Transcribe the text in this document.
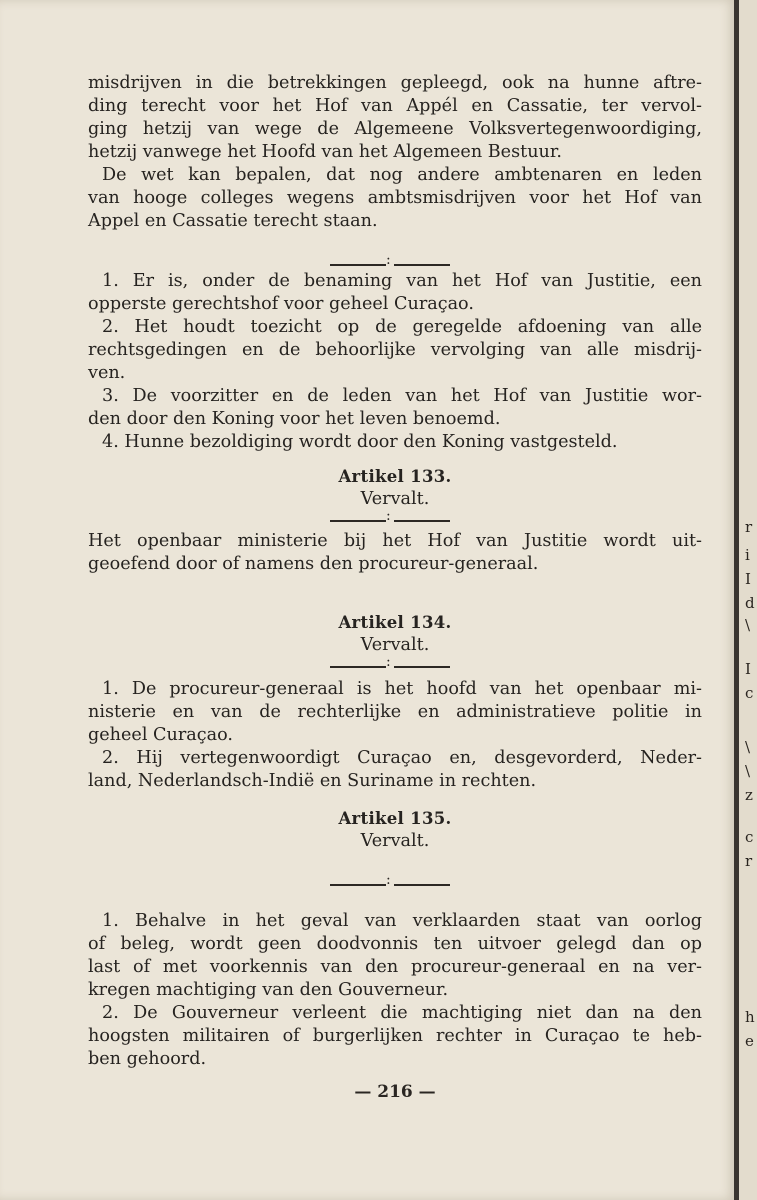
misdrijven in die betrekkingen gepleegd, ook na hunne aftre-
ding terecht voor het Hof van Appél en Cassatie, ter vervol-
ging hetzij van wege de Algemeene Volksvertegenwoordiging,
hetzij vanwege het Hoofd van het Algemeen Bestuur.
De wet kan bepalen, dat nog andere ambtenaren en leden
van hooge colleges wegens ambtsmisdrijven voor het Hof van
Appel en Cassatie terecht staan.
:
1. Er is, onder de benaming van het Hof van Justitie, een
opperste gerechtshof voor geheel Curaçao.
2. Het houdt toezicht op de geregelde afdoening van alle
rechtsgedingen en de behoorlijke vervolging van alle misdrij-
ven.
3. De voorzitter en de leden van het Hof van Justitie wor-
den door den Koning voor het leven benoemd.
4. Hunne bezoldiging wordt door den Koning vastgesteld.
Artikel 133.
Vervalt.
:
Het openbaar ministerie bij het Hof van Justitie wordt uit-
geoefend door of namens den procureur-generaal.
Artikel 134.
Vervalt.
:
1. De procureur-generaal is het hoofd van het openbaar mi-
nisterie en van de rechterlijke en administratieve politie in
geheel Curaçao.
2. Hij vertegenwoordigt Curaçao en, desgevorderd, Neder-
land, Nederlandsch-Indië en Suriname in rechten.
Artikel 135.
Vervalt.
:
1. Behalve in het geval van verklaarden staat van oorlog
of beleg, wordt geen doodvonnis ten uitvoer gelegd dan op
last of met voorkennis van den procureur-generaal en na ver-
kregen machtiging van den Gouverneur.
2. De Gouverneur verleent die machtiging niet dan na den
hoogsten militairen of burgerlijken rechter in Curaçao te heb-
ben gehoord.
— 216 —
r
i
I
d
\
I
c
\
\
z
c
r
h
e
